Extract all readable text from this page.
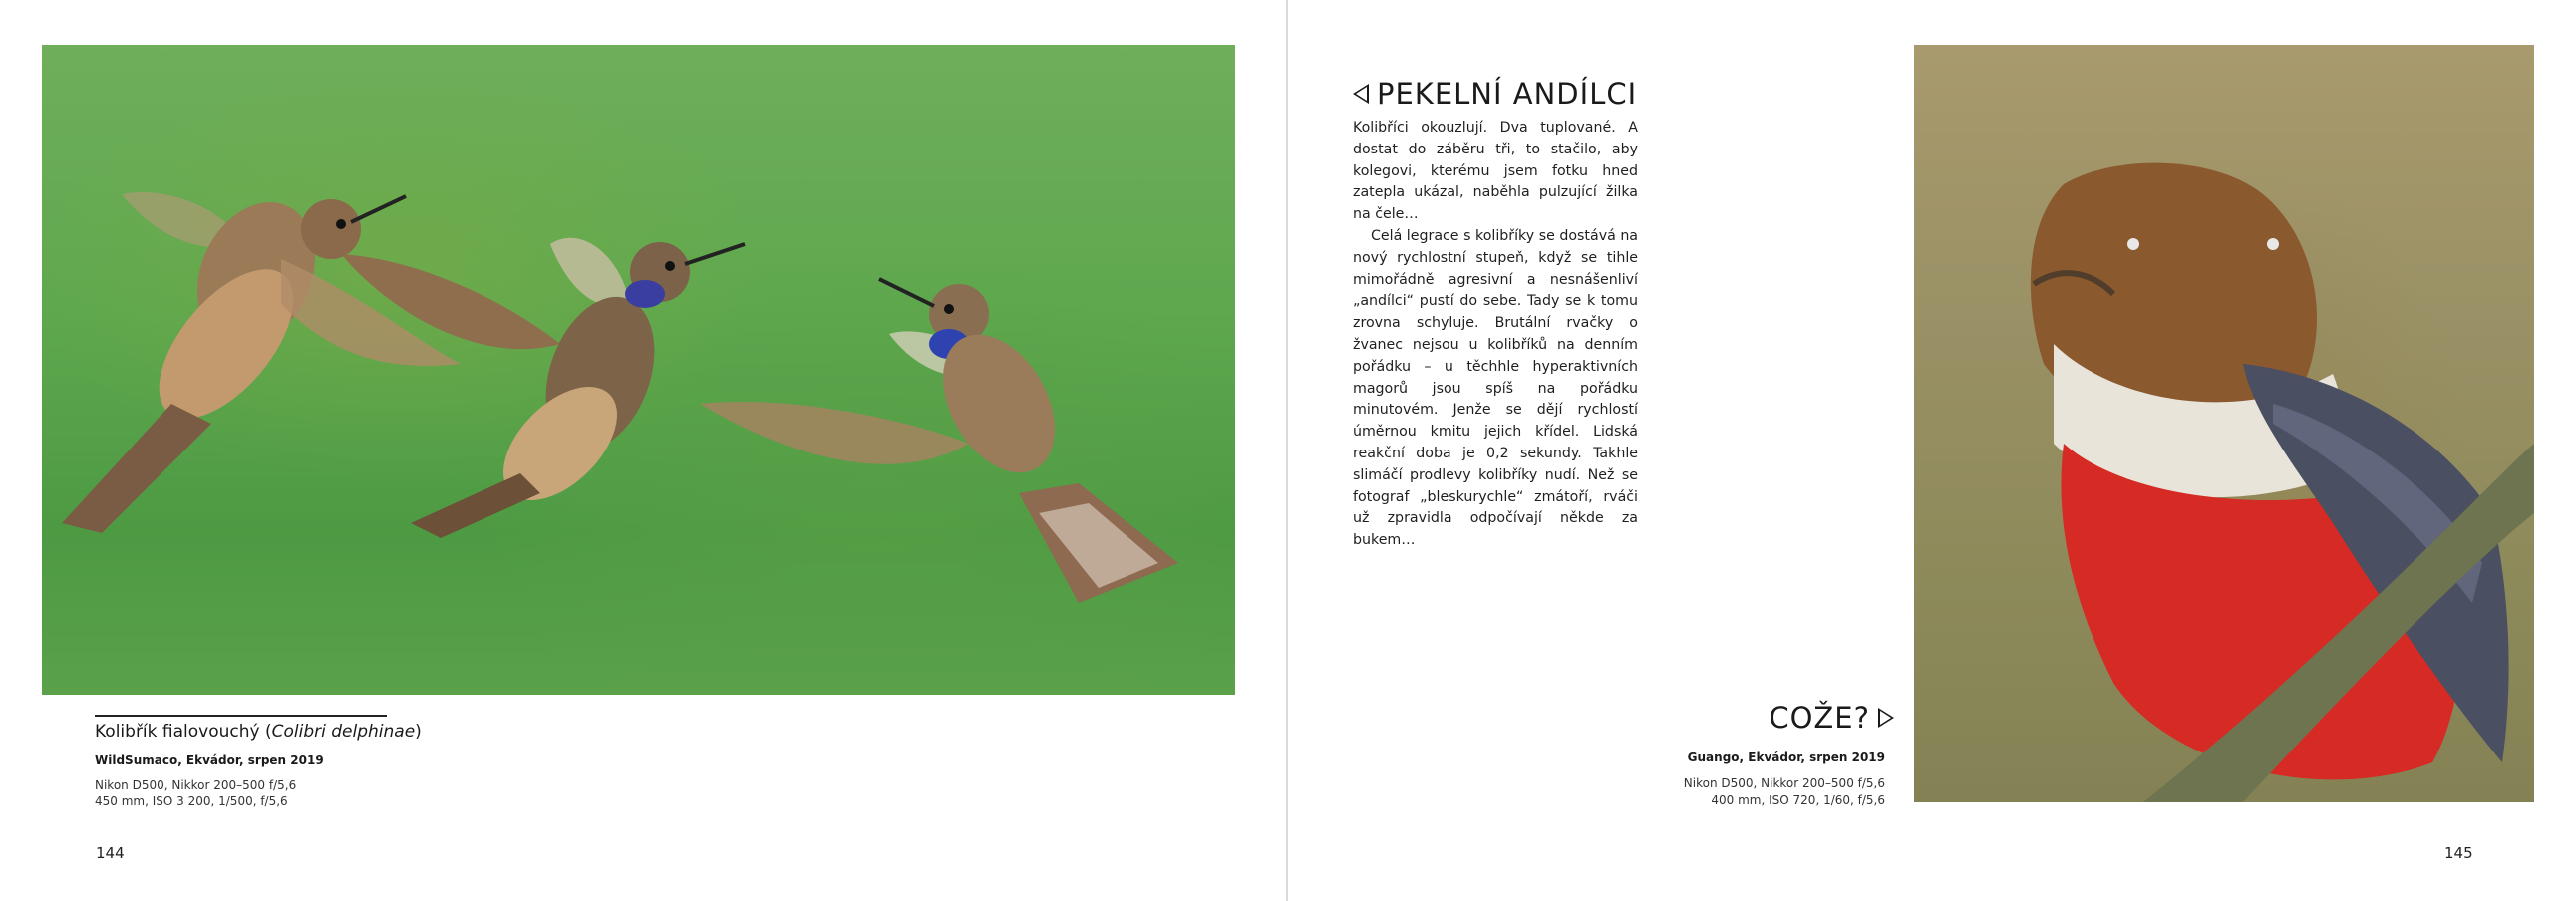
Kolibřík fialovouchý (Colibri delphinae)
WildSumaco, Ekvádor, srpen 2019
Nikon D500, Nikkor 200–500 f/5,6
450 mm, ISO 3 200, 1/500, f/5,6
144
PEKELNÍ ANDÍLCI

Kolibříci okouzlují. Dva tuplované. A dostat do záběru tři, to stačilo, aby kolegovi, kterému jsem fotku hned zatepla ukázal, naběhla pulzující žilka na čele…

Celá legrace s kolibříky se dostává na nový rychlostní stupeň, když se tihle mimořádně agresivní a nesnášenliví „andílci“ pustí do sebe. Tady se k tomu zrovna schyluje. Brutální rvačky o žvanec nejsou u kolibříků na denním pořádku – u těchhle hyperaktivních magorů jsou spíš na pořádku minutovém. Jenže se dějí rychlostí úměrnou kmitu jejich křídel. Lidská reakční doba je 0,2 sekundy. Takhle slimáčí prodlevy kolibříky nudí. Než se fotograf „bleskurychle“ zmátoří, rváči už zpravidla odpočívají někde za bukem…

COŽE?
Guango, Ekvádor, srpen 2019
Nikon D500, Nikkor 200–500 f/5,6
400 mm, ISO 720, 1/60, f/5,6
145
